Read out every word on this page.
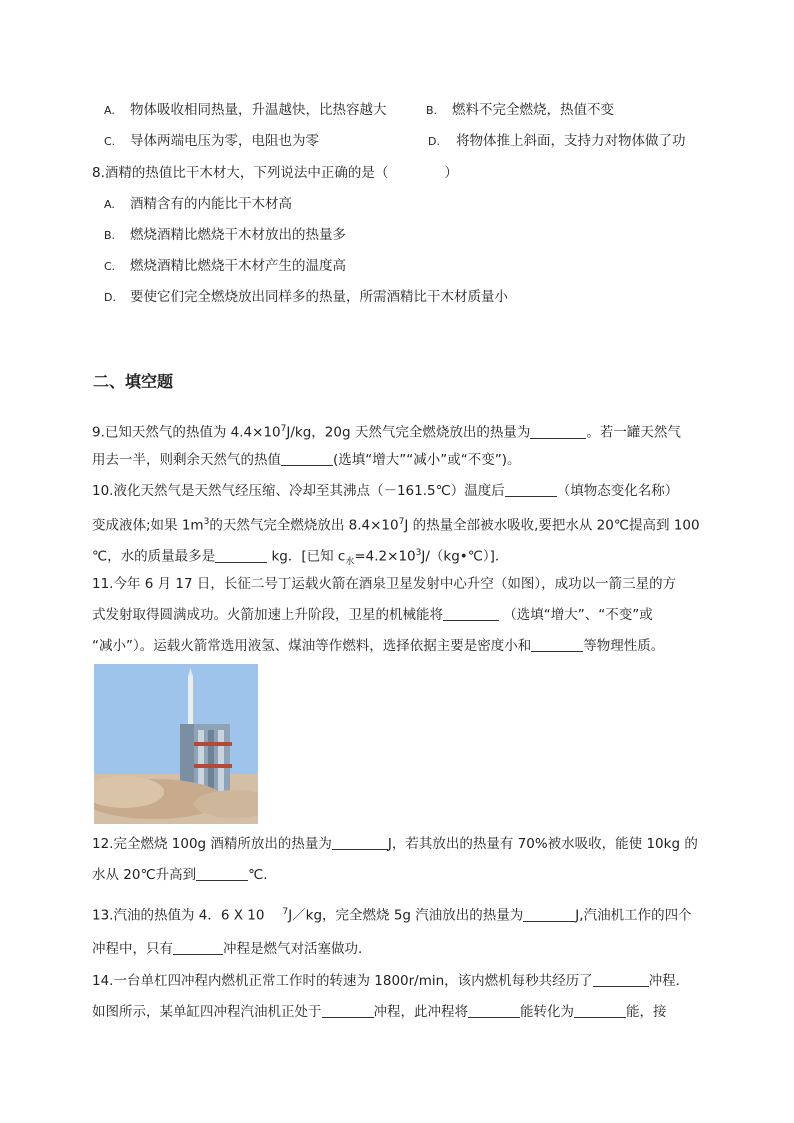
A. 物体吸收相同热量，升温越快，比热容越大	B. 燃料不完全燃烧，热值不变
C. 导体两端电压为零，电阻也为零	D. 将物体推上斜面，支持力对物体做了功
8.酒精的热值比干木材大，下列说法中正确的是（	）
A. 酒精含有的内能比干木材高
B. 燃烧酒精比燃烧干木材放出的热量多
C. 燃烧酒精比燃烧干木材产生的温度高
D. 要使它们完全燃烧放出同样多的热量，所需酒精比干木材质量小
二、填空题
9.已知天然气的热值为 $4.4\times 10^7J/kg$，20g 天然气完全燃烧放出的热量为	。若一罐天然气
用去一半，则剩余天然气的热值	(选填“增大”“减小”或“不变”)。
10.液化天然气是天然气经压缩、冷却至其沸点（－161.5℃）温度后	（填物态变化名称）
变成液体;如果 $1m^3$的天然气完全燃烧放出 $8.4\times 10^7J$ 的热量全部被水吸收,要把水从 20℃提高到 100
℃，水的质量最多是	kg．[已知 $c_水=4.2\times 10^3J/(kg•℃)$]．
11.今年 6 月 17 日，长征二号丁运载火箭在酒泉卫星发射中心升空（如图），成功以一箭三星的方
式发射取得圆满成功。火箭加速上升阶段，卫星的机械能将	（选填“增大”、“不变”或
“减小”）。运载火箭常选用液氢、煤油等作燃料，选择依据主要是密度小和	等物理性质。
12.完全燃烧 100g 酒精所放出的热量为	J，若其放出的热量有 70%被水吸收，能使 10kg 的
水从 20℃升高到	℃.
13.汽油的热值为 4．6 X 10 $^7$J／kg，完全燃烧 5g 汽油放出的热量为	J,汽油机工作的四个
冲程中，只有	冲程是燃气对活塞做功．
14.一台单杠四冲程内燃机正常工作时的转速为 1800r/min，该内燃机每秒共经历了	冲程．
如图所示，某单缸四冲程汽油机正处于	冲程，此冲程将	能转化为	能，接
